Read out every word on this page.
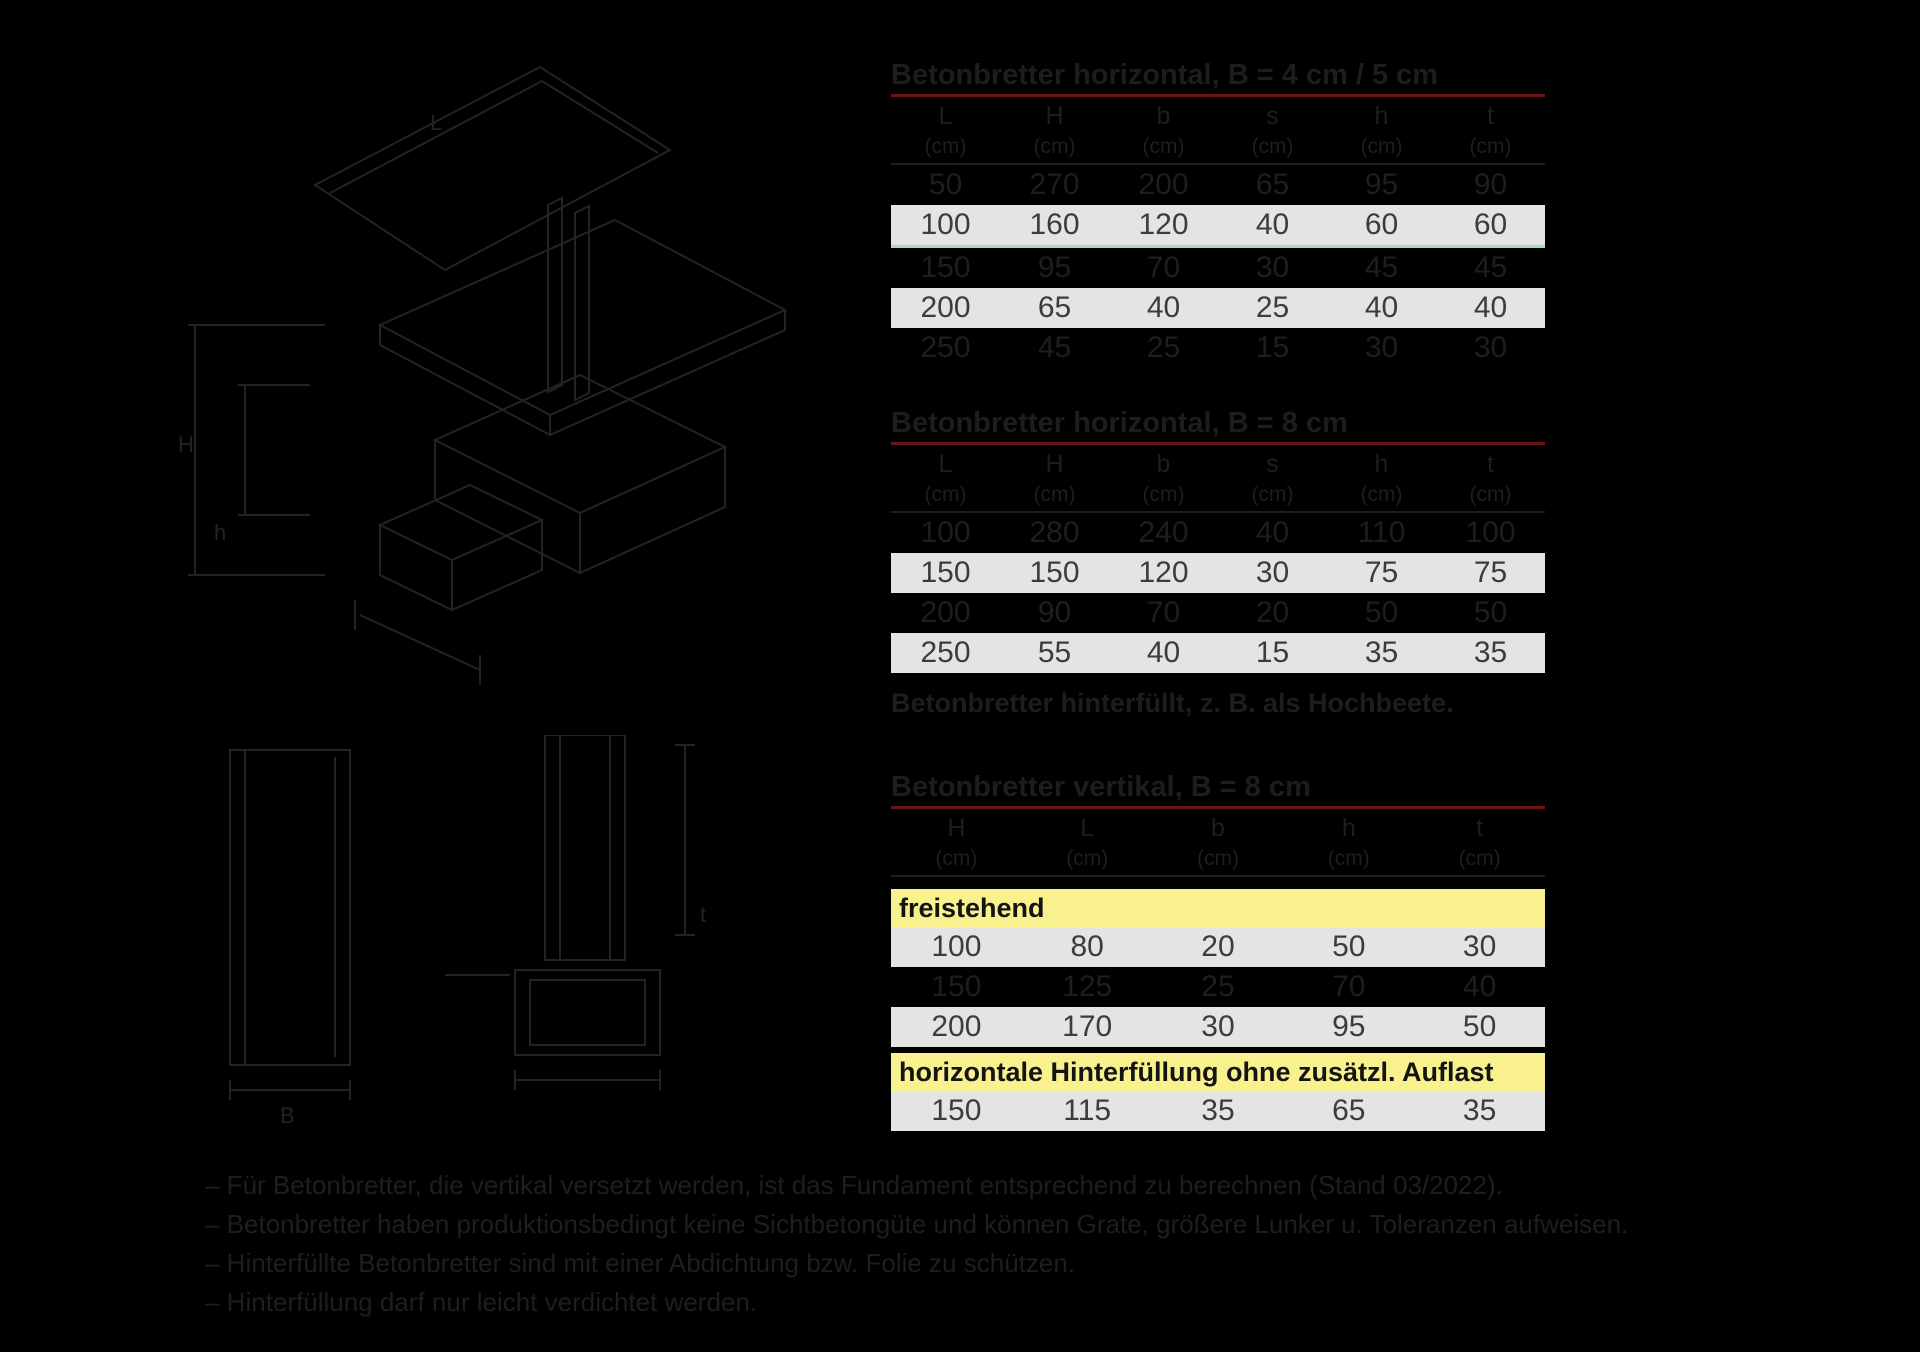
H
h
L
B
t
Betonbretter horizontal, B = 4 cm / 5 cm
L	H	b	s	h	t
(cm)	(cm)	(cm)	(cm)	(cm)	(cm)
50	270	200	65	95	90
100	160	120	40	60	60
150	95	70	30	45	45
200	65	40	25	40	40
250	45	25	15	30	30
Betonbretter horizontal, B = 8 cm
L	H	b	s	h	t
(cm)	(cm)	(cm)	(cm)	(cm)	(cm)
100	280	240	40	110	100
150	150	120	30	75	75
200	90	70	20	50	50
250	55	40	15	35	35
Betonbretter hinterfüllt, z. B. als Hochbeete.
Betonbretter vertikal, B = 8 cm
H	L	b	h	t
(cm)	(cm)	(cm)	(cm)	(cm)
freistehend
100	80	20	50	30
150	125	25	70	40
200	170	30	95	50
horizontale Hinterfüllung ohne zusätzl. Auflast
150	115	35	65	35
– Für Betonbretter, die vertikal versetzt werden, ist das Fundament entsprechend zu berechnen (Stand 03/2022).
– Betonbretter haben produktionsbedingt keine Sichtbetongüte und können Grate, größere Lunker u. Toleranzen aufweisen.
– Hinterfüllte Betonbretter sind mit einer Abdichtung bzw. Folie zu schützen.
– Hinterfüllung darf nur leicht verdichtet werden.
